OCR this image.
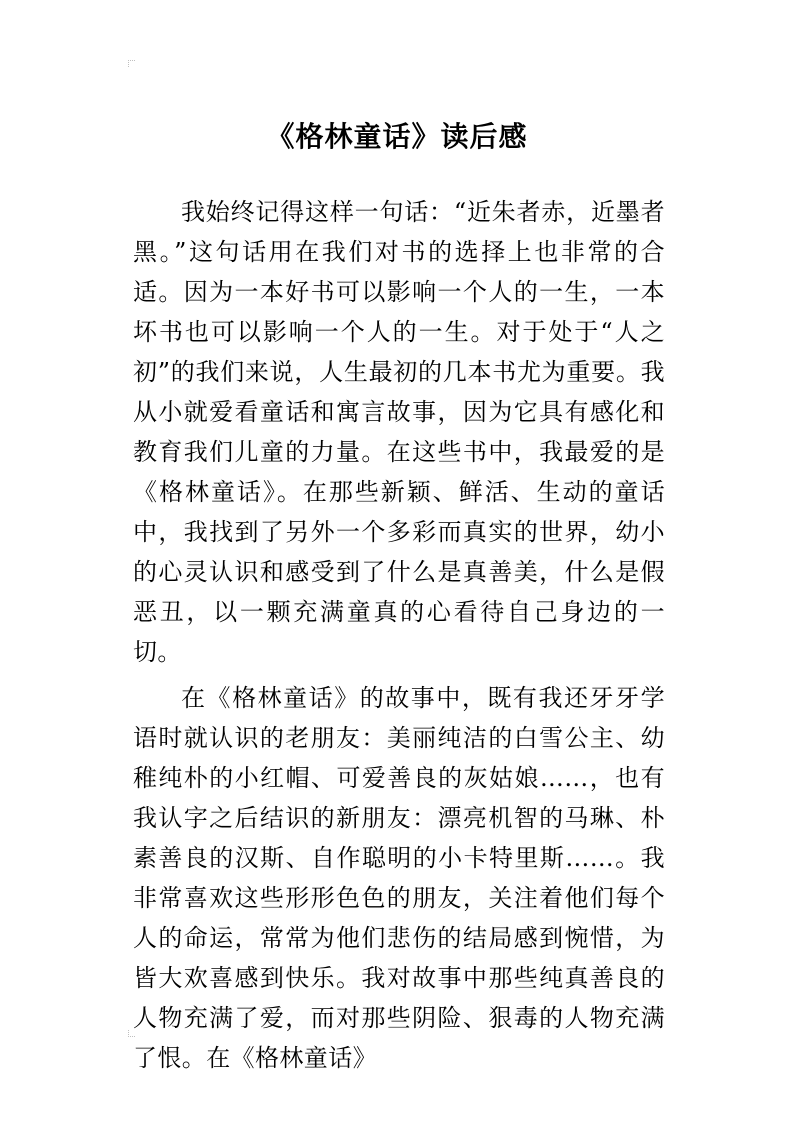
《格林童话》读后感

我始终记得这样一句话：“近朱者赤，近墨者黑。”这句话用在我们对书的选择上也非常的合适。因为一本好书可以影响一个人的一生，一本坏书也可以影响一个人的一生。对于处于“人之初”的我们来说，人生最初的几本书尤为重要。我从小就爱看童话和寓言故事，因为它具有感化和教育我们儿童的力量。在这些书中，我最爱的是《格林童话》。在那些新颖、鲜活、生动的童话中，我找到了另外一个多彩而真实的世界，幼小的心灵认识和感受到了什么是真善美，什么是假恶丑，以一颗充满童真的心看待自己身边的一切。

在《格林童话》的故事中，既有我还牙牙学语时就认识的老朋友：美丽纯洁的白雪公主、幼稚纯朴的小红帽、可爱善良的灰姑娘……，也有我认字之后结识的新朋友：漂亮机智的马琳、朴素善良的汉斯、自作聪明的小卡特里斯……。我非常喜欢这些形形色色的朋友，关注着他们每个人的命运，常常为他们悲伤的结局感到惋惜，为皆大欢喜感到快乐。我对故事中那些纯真善良的人物充满了爱，而对那些阴险、狠毒的人物充满了恨。在《格林童话》
